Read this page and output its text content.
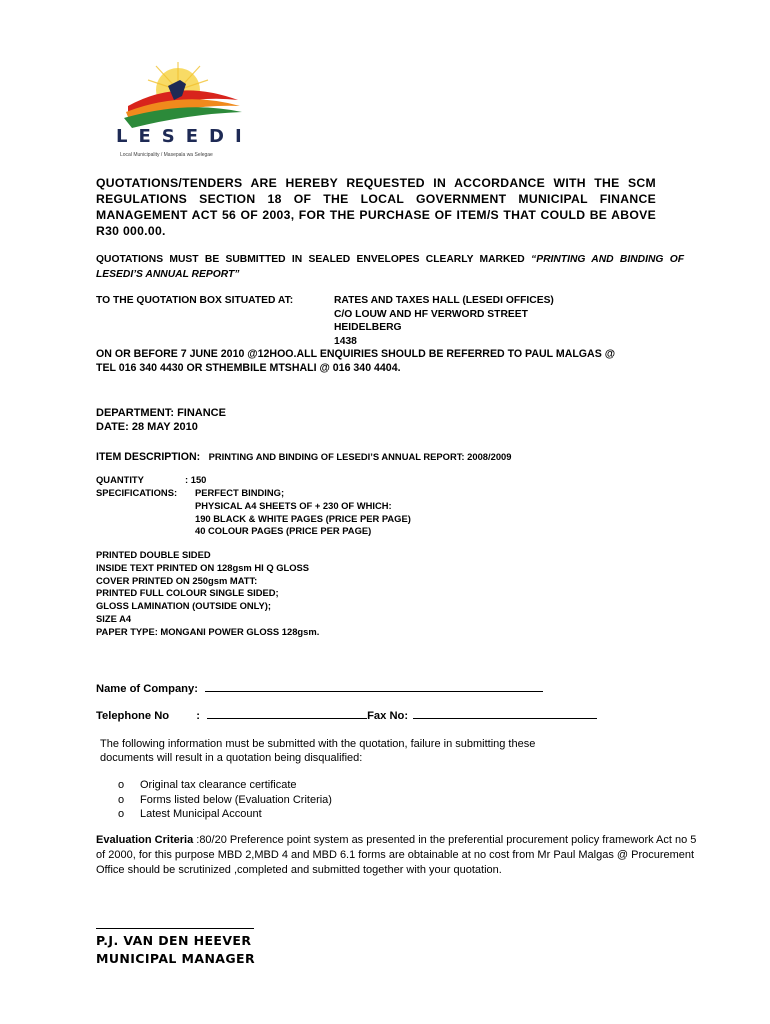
LESEDI
Local Municipality / Masepala wa Selegae
QUOTATIONS/TENDERS ARE HEREBY REQUESTED IN ACCORDANCE WITH THE SCM REGULATIONS SECTION 18 OF THE LOCAL GOVERNMENT MUNICIPAL FINANCE MANAGEMENT ACT 56 OF 2003, FOR THE PURCHASE OF ITEM/S THAT COULD BE ABOVE R30 000.00.
QUOTATIONS MUST BE SUBMITTED IN SEALED ENVELOPES CLEARLY MARKED “PRINTING AND BINDING OF LESEDI’S ANNUAL REPORT”
TO THE QUOTATION BOX SITUATED AT:	RATES AND TAXES HALL (LESEDI OFFICES)
C/O LOUW AND HF VERWORD STREET
HEIDELBERG
1438
ON OR BEFORE 7 JUNE 2010 @12HOO.ALL ENQUIRIES SHOULD BE REFERRED TO PAUL MALGAS @
TEL 016 340 4430 OR STHEMBILE MTSHALI @ 016 340 4404.
DEPARTMENT: FINANCE
DATE: 28 MAY 2010
ITEM DESCRIPTION: PRINTING AND BINDING OF LESEDI’S ANNUAL REPORT: 2008/2009
QUANTITY	: 150
SPECIFICATIONS: PERFECT BINDING;
PHYSICAL A4 SHEETS OF + 230 OF WHICH:
190 BLACK & WHITE PAGES (PRICE PER PAGE)
40 COLOUR PAGES (PRICE PER PAGE)
PRINTED DOUBLE SIDED
INSIDE TEXT PRINTED ON 128gsm HI Q GLOSS
COVER PRINTED ON 250gsm MATT:
PRINTED FULL COLOUR SINGLE SIDED;
GLOSS LAMINATION (OUTSIDE ONLY);
SIZE A4
PAPER TYPE: MONGANI POWER GLOSS 128gsm.
Name of Company:
Telephone No :	Fax No:
The following information must be submitted with the quotation, failure in submitting these
documents will result in a quotation being disqualified:
o Original tax clearance certificate
o Forms listed below (Evaluation Criteria)
o Latest Municipal Account
Evaluation Criteria :80/20 Preference point system as presented in the preferential procurement policy framework Act no 5 of 2000, for this purpose MBD 2,MBD 4 and MBD 6.1 forms are obtainable at no cost from Mr Paul Malgas @ Procurement Office should be scrutinized ,completed and submitted together with your quotation.
P.J. VAN DEN HEEVER
MUNICIPAL MANAGER
